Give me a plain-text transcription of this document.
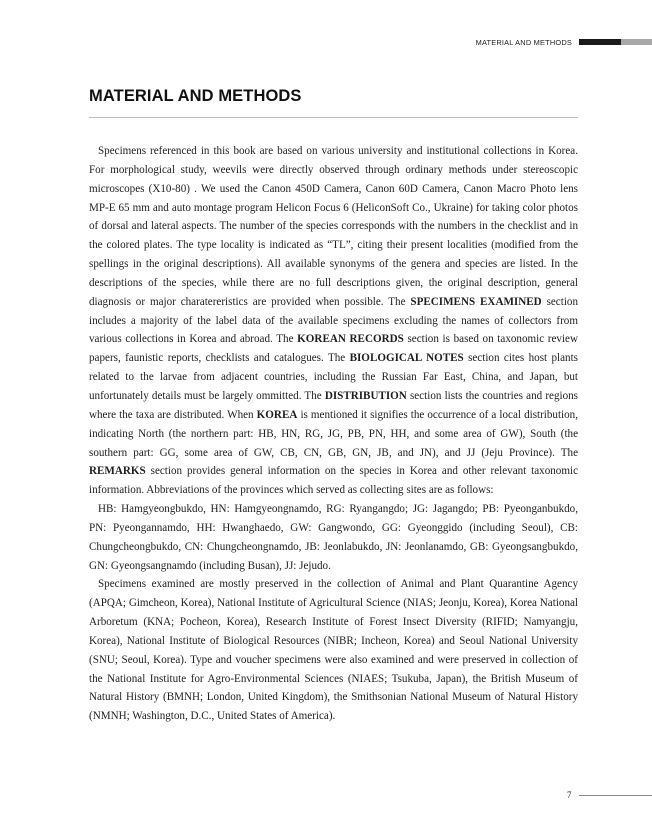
MATERIAL AND METHODS
MATERIAL AND METHODS

Specimens referenced in this book are based on various university and institutional collections in Korea. For morphological study, weevils were directly observed through ordinary methods under stereoscopic microscopes (X10-80) . We used the Canon 450D Camera, Canon 60D Camera, Canon Macro Photo lens MP-E 65 mm and auto montage program Helicon Focus 6 (HeliconSoft Co., Ukraine) for taking color photos of dorsal and lateral aspects. The number of the species corresponds with the numbers in the checklist and in the colored plates. The type locality is indicated as “TL”, citing their present localities (modified from the spellings in the original descriptions). All available synonyms of the genera and species are listed. In the descriptions of the species, while there are no full descriptions given, the original description, general diagnosis or major charatereristics are provided when possible. The SPECIMENS EXAMINED section includes a majority of the label data of the available specimens excluding the names of collectors from various collections in Korea and abroad. The KOREAN RECORDS section is based on taxonomic review papers, faunistic reports, checklists and catalogues. The BIOLOGICAL NOTES section cites host plants related to the larvae from adjacent countries, including the Russian Far East, China, and Japan, but unfortunately details must be largely ommitted. The DISTRIBUTION section lists the countries and regions where the taxa are distributed. When KOREA is mentioned it signifies the occurrence of a local distribution, indicating North (the northern part: HB, HN, RG, JG, PB, PN, HH, and some area of GW), South (the southern part: GG, some area of GW, CB, CN, GB, GN, JB, and JN), and JJ (Jeju Province). The REMARKS section provides general information on the species in Korea and other relevant taxonomic information. Abbreviations of the provinces which served as collecting sites are as follows:

HB: Hamgyeongbukdo, HN: Hamgyeongnamdo, RG: Ryangangdo; JG: Jagangdo; PB: Pyeonganbukdo, PN: Pyeongannamdo, HH: Hwanghaedo, GW: Gangwondo, GG: Gyeonggido (including Seoul), CB: Chungcheongbukdo, CN: Chungcheongnamdo, JB: Jeonlabukdo, JN: Jeonlanamdo, GB: Gyeongsangbukdo, GN: Gyeongsangnamdo (including Busan), JJ: Jejudo.

Specimens examined are mostly preserved in the collection of Animal and Plant Quarantine Agency (APQA; Gimcheon, Korea), National Institute of Agricultural Science (NIAS; Jeonju, Korea), Korea National Arboretum (KNA; Pocheon, Korea), Research Institute of Forest Insect Diversity (RIFID; Namyangju, Korea), National Institute of Biological Resources (NIBR; Incheon, Korea) and Seoul National University (SNU; Seoul, Korea). Type and voucher specimens were also examined and were preserved in collection of the National Institute for Agro-Environmental Sciences (NIAES; Tsukuba, Japan), the British Museum of Natural History (BMNH; London, United Kingdom), the Smithsonian National Museum of Natural History (NMNH; Washington, D.C., United States of America).

7
